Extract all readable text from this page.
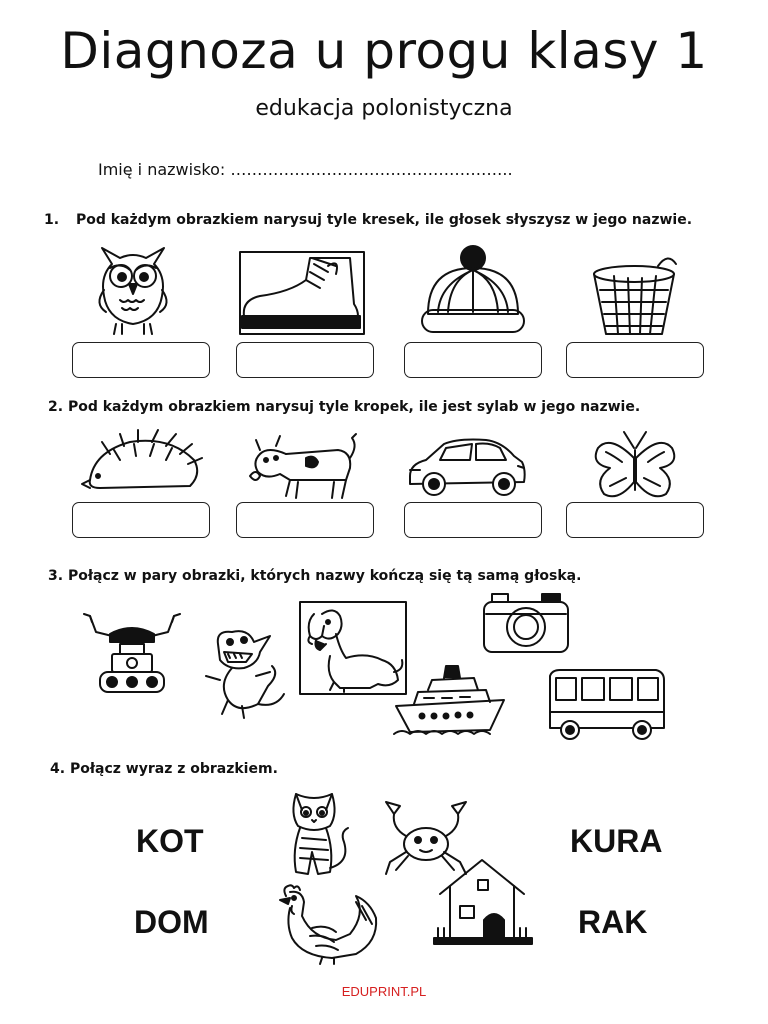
Diagnoza u progu klasy 1
edukacja polonistyczna
Imię i nazwisko: ……………………………………………..
1. Pod każdym obrazkiem narysuj tyle kresek, ile głosek słyszysz w jego nazwie.
2. Pod każdym obrazkiem narysuj tyle kropek, ile jest sylab w jego nazwie.
3. Połącz w pary obrazki, których nazwy kończą się tą samą głoską.
4. Połącz wyraz z obrazkiem.
KOT	KURA
DOM	RAK
EDUPRINT.PL
